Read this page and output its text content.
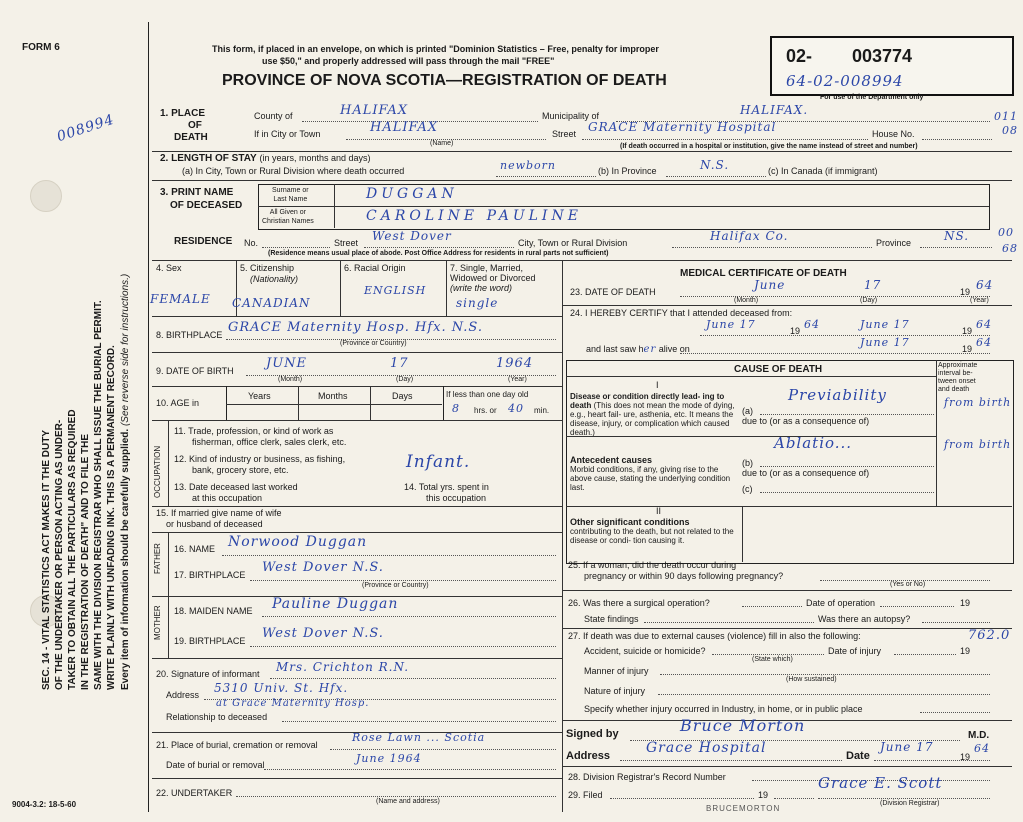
FORM 6
008994
SEC. 14 - VITAL STATISTICS ACT MAKES IT THE DUTY OF THE UNDERTAKER OR PERSON ACTING AS UNDER- TAKER TO OBTAIN ALL THE PARTICULARS AS REQUIRED IN THE REGISTRATION OF DEATH" AND TO FILE THE SAME WITH THE DIVISION REGISTRAR WHO SHALL ISSUE THE BURIAL PERMIT. WRITE PLAINLY WITH UNFADING INK. THIS IS A PERMANENT RECORD. Every item of information should be carefully supplied. (See reverse side for instructions.)
9004-3.2: 18-5-60
This form, if placed in an envelope, on which is printed "Dominion Statistics – Free, penalty for improper
use $50," and properly addressed will pass through the mail "FREE"
PROVINCE OF NOVA SCOTIA—REGISTRATION OF DEATH
02- 003774
64-02-008994
For use of the Department only
011
08
00
68
1. PLACE
OF
DEATH
County of	HALIFAX	Municipality of	HALIFAX.
If in City or Town	HALIFAX
(Name)
Street GRACE Maternity Hospital	House No.
(If death occurred in a hospital or institution, give the name instead of street and number)
2. LENGTH OF STAY (in years, months and days)
(a) In City, Town or Rural Division where death occurred	newborn	(b) In Province	N.S.	(c) In Canada (if immigrant)
3. PRINT NAME
OF DECEASED
Surname or
Last Name
All Given or
Christian Names
DUGGAN
CAROLINE PAULINE
RESIDENCE No.	Street West Dover	City, Town or Rural Division	Halifax Co.	Province	NS.
(Residence means usual place of abode. Post Office Address for residents in rural parts not sufficient)
4. Sex	5. Citizenship
(Nationality)
6. Racial Origin	7. Single, Married,
Widowed or Divorced
(write the word)
FEMALE CANADIAN
ENGLISH
single
8. BIRTHPLACE GRACE Maternity Hosp. Hfx. N.S.
(Province or Country)
9. DATE OF BIRTH JUNE	17	1964
(Month)	(Day)	(Year)
10. AGE in
Years	Months	Days	If less than one day old
8 hrs. or 40 min.
OCCUPATION
11. Trade, profession, or kind of work as
fisherman, office clerk, sales clerk, etc.
12. Kind of industry or business, as fishing,
bank, grocery store, etc.
13. Date deceased last worked
at this occupation
14. Total yrs. spent in
this occupation
Infant.
15. If married give name of wife
or husband of deceased
FATHER 16. NAME Norwood Duggan
17. BIRTHPLACE West Dover N.S.
(Province or Country)
MOTHER 18. MAIDEN NAME Pauline Duggan
19. BIRTHPLACE West Dover N.S.
20. Signature of informant Mrs. Crichton R.N.
Address 5310 Univ. St. Hfx.
at Grace Maternity Hosp.
Relationship to deceased
21. Place of burial, cremation or removal
Rose Lawn ... Scotia
Date of burial or removal	June 1964
22. UNDERTAKER
(Name and address)
MEDICAL CERTIFICATE OF DEATH
23. DATE OF DEATH	June	17	19 64
(Month)	(Day)	(Year)
24. I HEREBY CERTIFY that I attended deceased from:
June 17	19 64	June 17	19 64
and last saw her alive on	June 17	19 64
CAUSE OF DEATH	Approximate
interval be-
tween onset
and death
I
Disease or condition directly lead- ing to death (This does not mean the mode of dying, e.g., heart fail- ure, asthenia, etc. It means the disease, injury, or complication which caused death.)
(a)
Previability	from birth
due to (or as a consequence of)
Antecedent causes
Morbid conditions, if any, giving rise to the above cause, stating the underlying condition last.
(b)
Ablatio...	from birth
due to (or as a consequence of)
(c)
II
Other significant conditions
contributing to the death, but not related to the disease or condi- tion causing it.
25. If a woman, did the death occur during
pregnancy or within 90 days following pregnancy?
(Yes or No)
26. Was there a surgical operation?	Date of operation	19
State findings	Was there an autopsy?
27. If death was due to external causes (violence) fill in also the following:	762.0
Accident, suicide or homicide?	Date of injury	19
(State which)
Manner of injury
(How sustained)
Nature of injury
Specify whether injury occurred in Industry, in home, or in public place
Signed by	Bruce Morton
M.D.
Address	Grace Hospital	Date
June 17
19
64
28. Division Registrar's Record Number
29. Filed	19
Grace E. Scott
(Division Registrar)
BRUCEMORTON
